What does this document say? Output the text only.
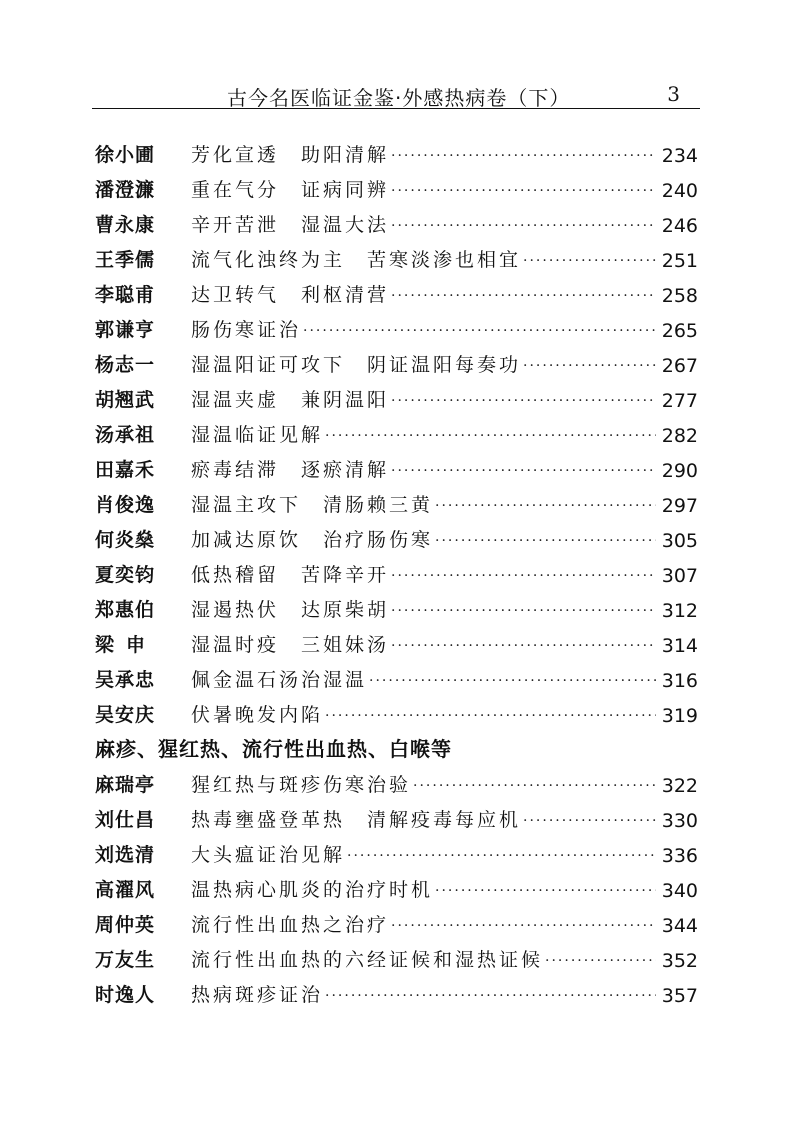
古今名医临证金鉴·外感热病卷（下）	3
徐小圃	芳化宣透　助阳清解 ·····	234
潘澄濂	重在气分　证病同辨 ·····	240
曹永康	辛开苦泄　湿温大法 ·····	246
王季儒	流气化浊终为主　苦寒淡渗也相宜 ·····	251
李聪甫	达卫转气　利枢清营 ·····	258
郭谦亨	肠伤寒证治 ·····	265
杨志一	湿温阳证可攻下　阴证温阳每奏功 ·····	267
胡翘武	湿温夹虚　兼阴温阳 ·····	277
汤承祖	湿温临证见解 ·····	282
田嘉禾	瘀毒结滞　逐瘀清解 ·····	290
肖俊逸	湿温主攻下　清肠赖三黄 ·····	297
何炎燊	加减达原饮　治疗肠伤寒 ·····	305
夏奕钧	低热稽留　苦降辛开 ·····	307
郑惠伯	湿遏热伏　达原柴胡 ·····	312
梁申	湿温时疫　三姐妹汤 ·····	314
吴承忠	佩金温石汤治湿温 ·····	316
吴安庆	伏暑晚发内陷 ·····	319
麻疹、猩红热、流行性出血热、白喉等
麻瑞亭	猩红热与斑疹伤寒治验 ·····	322
刘仕昌	热毒壅盛登革热　清解疫毒每应机 ·····	330
刘选清	大头瘟证治见解 ·····	336
高濯风	温热病心肌炎的治疗时机 ·····	340
周仲英	流行性出血热之治疗 ·····	344
万友生	流行性出血热的六经证候和湿热证候 ·····	352
时逸人	热病斑疹证治 ·····	357
